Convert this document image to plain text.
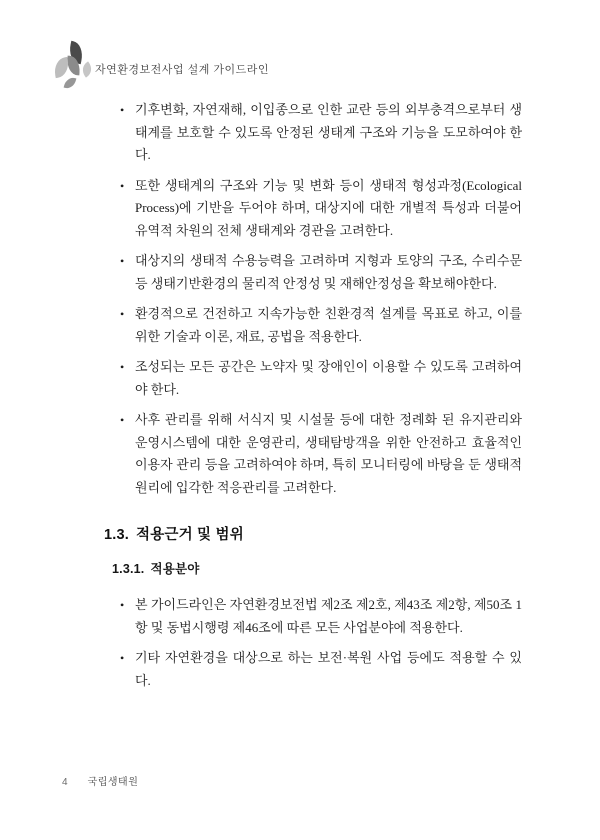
자연환경보전사업 설계 가이드라인
• 기후변화, 자연재해, 이입종으로 인한 교란 등의 외부충격으로부터 생태계를 보호할 수 있도록 안정된 생태계 구조와 기능을 도모하여야 한다.
• 또한 생태계의 구조와 기능 및 변화 등이 생태적 형성과정(Ecological Process)에 기반을 두어야 하며, 대상지에 대한 개별적 특성과 더불어 유역적 차원의 전체 생태계와 경관을 고려한다.
• 대상지의 생태적 수용능력을 고려하며 지형과 토양의 구조, 수리수문 등 생태기반환경의 물리적 안정성 및 재해안정성을 확보해야한다.
• 환경적으로 건전하고 지속가능한 친환경적 설계를 목표로 하고, 이를 위한 기술과 이론, 재료, 공법을 적용한다.
• 조성되는 모든 공간은 노약자 및 장애인이 이용할 수 있도록 고려하여야 한다.
• 사후 관리를 위해 서식지 및 시설물 등에 대한 정례화 된 유지관리와 운영시스템에 대한 운영관리, 생태탐방객을 위한 안전하고 효율적인 이용자 관리 등을 고려하여야 하며, 특히 모니터링에 바탕을 둔 생태적 원리에 입각한 적응관리를 고려한다.
1.3. 적용근거 및 범위
1.3.1. 적용분야
• 본 가이드라인은 자연환경보전법 제2조 제2호, 제43조 제2항, 제50조 1항 및 동법시행령 제46조에 따른 모든 사업분야에 적용한다.
• 기타 자연환경을 대상으로 하는 보전·복원 사업 등에도 적용할 수 있다.
4 국립생태원
